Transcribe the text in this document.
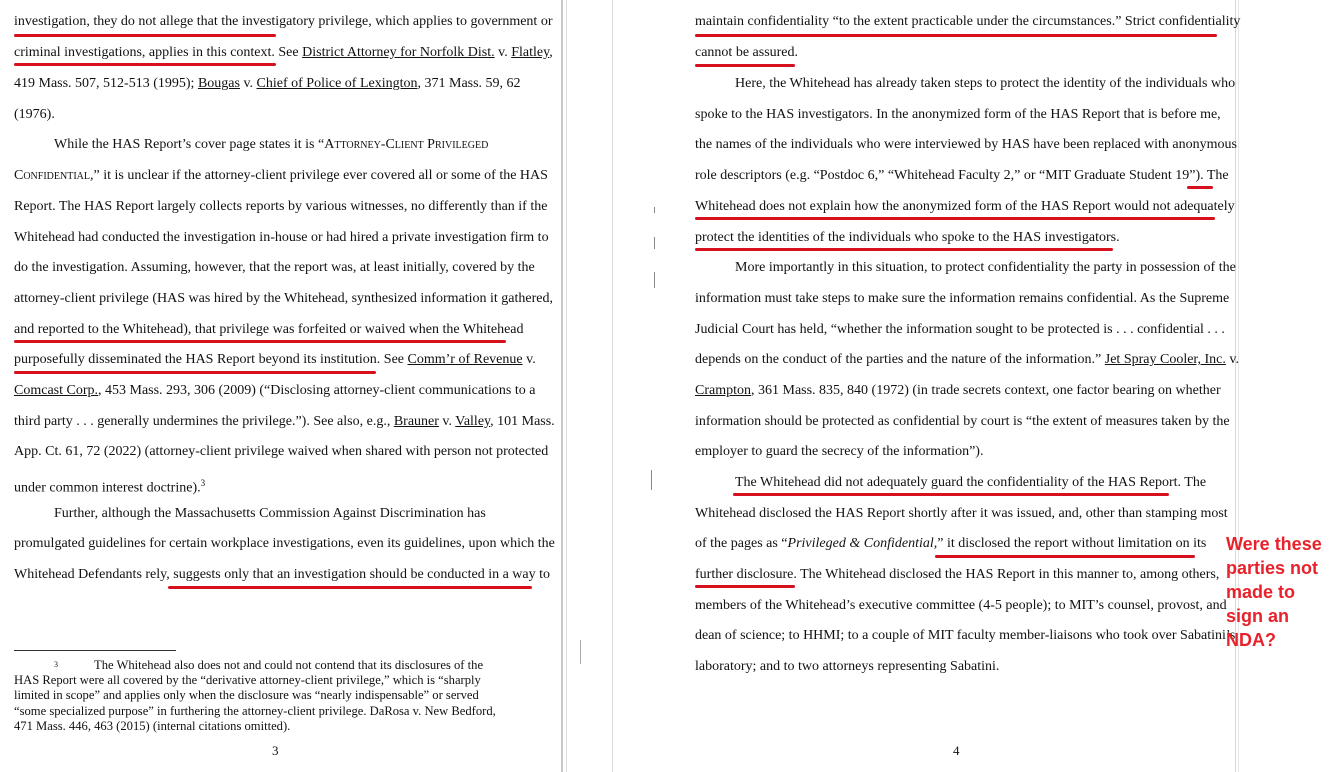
investigation, they do not allege that the investigatory privilege, which applies to government or
criminal investigations, applies in this context. See District Attorney for Norfolk Dist. v. Flatley,
419 Mass. 507, 512-513 (1995); Bougas v. Chief of Police of Lexington, 371 Mass. 59, 62
(1976).
While the HAS Report’s cover page states it is “Attorney-Client Privileged
Confidential,” it is unclear if the attorney-client privilege ever covered all or some of the HAS
Report. The HAS Report largely collects reports by various witnesses, no differently than if the
Whitehead had conducted the investigation in-house or had hired a private investigation firm to
do the investigation. Assuming, however, that the report was, at least initially, covered by the
attorney-client privilege (HAS was hired by the Whitehead, synthesized information it gathered,
and reported to the Whitehead), that privilege was forfeited or waived when the Whitehead
purposefully disseminated the HAS Report beyond its institution. See Comm’r of Revenue v.
Comcast Corp., 453 Mass. 293, 306 (2009) (“Disclosing attorney-client communications to a
third party . . . generally undermines the privilege.”). See also, e.g., Brauner v. Valley, 101 Mass.
App. Ct. 61, 72 (2022) (attorney-client privilege waived when shared with person not protected
under common interest doctrine).$^3$
Further, although the Massachusetts Commission Against Discrimination has
promulgated guidelines for certain workplace investigations, even its guidelines, upon which the
Whitehead Defendants rely, suggests only that an investigation should be conducted in a way to
$^3$	The Whitehead also does not and could not contend that its disclosures of the
HAS Report were all covered by the “derivative attorney-client privilege,” which is “sharply
limited in scope” and applies only when the disclosure was “nearly indispensable” or served
“some specialized purpose” in furthering the attorney-client privilege. DaRosa v. New Bedford,
471 Mass. 446, 463 (2015) (internal citations omitted).
3
maintain confidentiality “to the extent practicable under the circumstances.” Strict confidentiality
cannot be assured.
Here, the Whitehead has already taken steps to protect the identity of the individuals who
spoke to the HAS investigators. In the anonymized form of the HAS Report that is before me,
the names of the individuals who were interviewed by HAS have been replaced with anonymous
role descriptors (e.g. “Postdoc 6,” “Whitehead Faculty 2,” or “MIT Graduate Student 19”). The
Whitehead does not explain how the anonymized form of the HAS Report would not adequately
protect the identities of the individuals who spoke to the HAS investigators.
More importantly in this situation, to protect confidentiality the party in possession of the
information must take steps to make sure the information remains confidential. As the Supreme
Judicial Court has held, “whether the information sought to be protected is . . . confidential . . .
depends on the conduct of the parties and the nature of the information.” Jet Spray Cooler, Inc. v.
Crampton, 361 Mass. 835, 840 (1972) (in trade secrets context, one factor bearing on whether
information should be protected as confidential by court is “the extent of measures taken by the
employer to guard the secrecy of the information”).
The Whitehead did not adequately guard the confidentiality of the HAS Report. The
Whitehead disclosed the HAS Report shortly after it was issued, and, other than stamping most
of the pages as “Privileged & Confidential,” it disclosed the report without limitation on its
further disclosure. The Whitehead disclosed the HAS Report in this manner to, among others,
members of the Whitehead’s executive committee (4-5 people); to MIT’s counsel, provost, and
dean of science; to HHMI; to a couple of MIT faculty member-liaisons who took over Sabatini’s
laboratory; and to two attorneys representing Sabatini.
4
Were these
parties not
made to
sign an
NDA?
